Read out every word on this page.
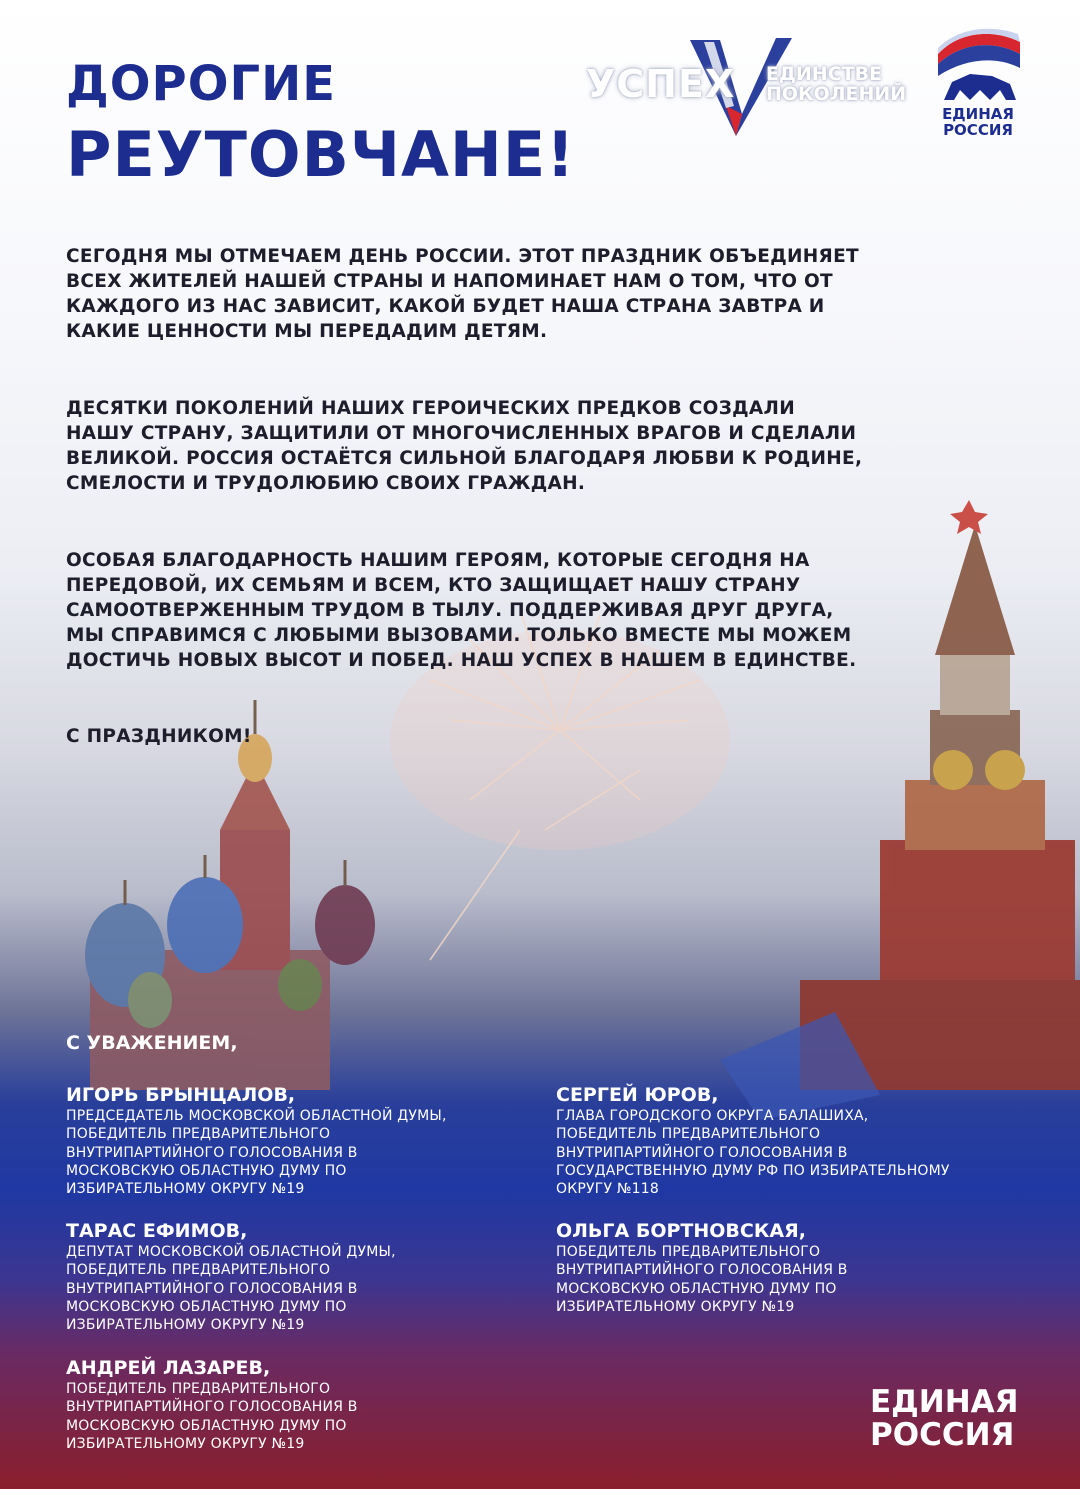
ДОРОГИЕ
РЕУТОВЧАНЕ!
УСПЕХ ЕДИНСТВЕ
ПОКОЛЕНИЙ
ЕДИНАЯ
РОССИЯ

СЕГОДНЯ МЫ ОТМЕЧАЕМ ДЕНЬ РОССИИ. ЭТОТ ПРАЗДНИК ОБЪЕДИНЯЕТ ВСЕХ ЖИТЕЛЕЙ НАШЕЙ СТРАНЫ И НАПОМИНАЕТ НАМ О ТОМ, ЧТО ОТ КАЖДОГО ИЗ НАС ЗАВИСИТ, КАКОЙ БУДЕТ НАША СТРАНА ЗАВТРА И КАКИЕ ЦЕННОСТИ МЫ ПЕРЕДАДИМ ДЕТЯМ.

ДЕСЯТКИ ПОКОЛЕНИЙ НАШИХ ГЕРОИЧЕСКИХ ПРЕДКОВ СОЗДАЛИ НАШУ СТРАНУ, ЗАЩИТИЛИ ОТ МНОГОЧИСЛЕННЫХ ВРАГОВ И СДЕЛАЛИ ВЕЛИКОЙ. РОССИЯ ОСТАЁТСЯ СИЛЬНОЙ БЛАГОДАРЯ ЛЮБВИ К РОДИНЕ, СМЕЛОСТИ И ТРУДОЛЮБИЮ СВОИХ ГРАЖДАН.

ОСОБАЯ БЛАГОДАРНОСТЬ НАШИМ ГЕРОЯМ, КОТОРЫЕ СЕГОДНЯ НА ПЕРЕДОВОЙ, ИХ СЕМЬЯМ И ВСЕМ, КТО ЗАЩИЩАЕТ НАШУ СТРАНУ САМООТВЕРЖЕННЫМ ТРУДОМ В ТЫЛУ. ПОДДЕРЖИВАЯ ДРУГ ДРУГА, МЫ СПРАВИМСЯ С ЛЮБЫМИ ВЫЗОВАМИ. ТОЛЬКО ВМЕСТЕ МЫ МОЖЕМ ДОСТИЧЬ НОВЫХ ВЫСОТ И ПОБЕД. НАШ УСПЕХ В НАШЕМ В ЕДИНСТВЕ.

С ПРАЗДНИКОМ!

С УВАЖЕНИЕМ,

ИГОРЬ БРЫНЦАЛОВ,

ПРЕДСЕДАТЕЛЬ МОСКОВСКОЙ ОБЛАСТНОЙ ДУМЫ, ПОБЕДИТЕЛЬ ПРЕДВАРИТЕЛЬНОГО ВНУТРИПАРТИЙНОГО ГОЛОСОВАНИЯ В МОСКОВСКУЮ ОБЛАСТНУЮ ДУМУ ПО ИЗБИРАТЕЛЬНОМУ ОКРУГУ №19

СЕРГЕЙ ЮРОВ,

ГЛАВА ГОРОДСКОГО ОКРУГА БАЛАШИХА, ПОБЕДИТЕЛЬ ПРЕДВАРИТЕЛЬНОГО ВНУТРИПАРТИЙНОГО ГОЛОСОВАНИЯ В ГОСУДАРСТВЕННУЮ ДУМУ РФ ПО ИЗБИРАТЕЛЬНОМУ ОКРУГУ №118

ТАРАС ЕФИМОВ,

ДЕПУТАТ МОСКОВСКОЙ ОБЛАСТНОЙ ДУМЫ, ПОБЕДИТЕЛЬ ПРЕДВАРИТЕЛЬНОГО ВНУТРИПАРТИЙНОГО ГОЛОСОВАНИЯ В МОСКОВСКУЮ ОБЛАСТНУЮ ДУМУ ПО ИЗБИРАТЕЛЬНОМУ ОКРУГУ №19

ОЛЬГА БОРТНОВСКАЯ,

ПОБЕДИТЕЛЬ ПРЕДВАРИТЕЛЬНОГО ВНУТРИПАРТИЙНОГО ГОЛОСОВАНИЯ В МОСКОВСКУЮ ОБЛАСТНУЮ ДУМУ ПО ИЗБИРАТЕЛЬНОМУ ОКРУГУ №19

АНДРЕЙ ЛАЗАРЕВ,

ПОБЕДИТЕЛЬ ПРЕДВАРИТЕЛЬНОГО ВНУТРИПАРТИЙНОГО ГОЛОСОВАНИЯ В МОСКОВСКУЮ ОБЛАСТНУЮ ДУМУ ПО ИЗБИРАТЕЛЬНОМУ ОКРУГУ №19

ЕДИНАЯ
РОССИЯ
